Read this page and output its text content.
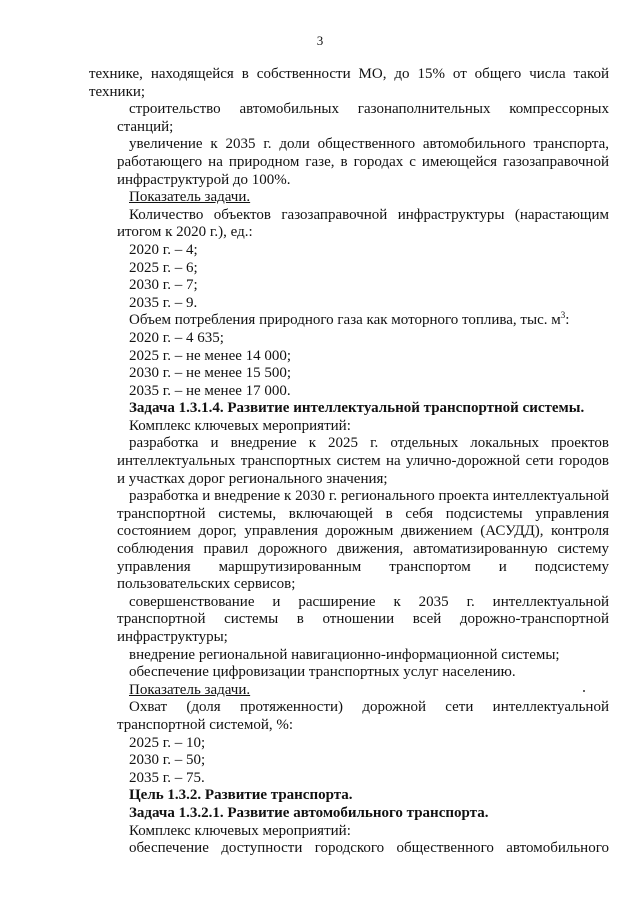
3

технике, находящейся в собственности МО, до 15% от общего числа такой техники;

строительство автомобильных газонаполнительных компрессорных станций;

увеличение к 2035 г. доли общественного автомобильного транспорта, работающего на природном газе, в городах с имеющейся газозаправочной инфраструктурой до 100%.

Показатель задачи.

Количество объектов газозаправочной инфраструктуры (нарастающим итогом к 2020 г.), ед.:

2020 г. – 4;

2025 г. – 6;

2030 г. – 7;

2035 г. – 9.

Объем потребления природного газа как моторного топлива, тыс. $м^3$:

2020 г. – 4 635;

2025 г. – не менее 14 000;

2030 г. – не менее 15 500;

2035 г. – не менее 17 000.

Задача 1.3.1.4. Развитие интеллектуальной транспортной системы.

Комплекс ключевых мероприятий:

разработка и внедрение к 2025 г. отдельных локальных проектов интеллектуальных транспортных систем на улично-дорожной сети городов и участках дорог регионального значения;

разработка и внедрение к 2030 г. регионального проекта интеллектуальной транспортной системы, включающей в себя подсистемы управления состоянием дорог, управления дорожным движением (АСУДД), контроля соблюдения правил дорожного движения, автоматизированную систему управления маршрутизированным транспортом и подсистему пользовательских сервисов;

совершенствование и расширение к 2035 г. интеллектуальной транспортной системы в отношении всей дорожно-транспортной инфраструктуры;

внедрение региональной навигационно-информационной системы;

обеспечение цифровизации транспортных услуг населению.

Показатель задачи.

Охват (доля протяженности) дорожной сети интеллектуальной транспортной системой, %:

2025 г. – 10;

2030 г. – 50;

2035 г. – 75.

Цель 1.3.2. Развитие транспорта.

Задача 1.3.2.1. Развитие автомобильного транспорта.

Комплекс ключевых мероприятий:

обеспечение доступности городского общественного автомобильного
